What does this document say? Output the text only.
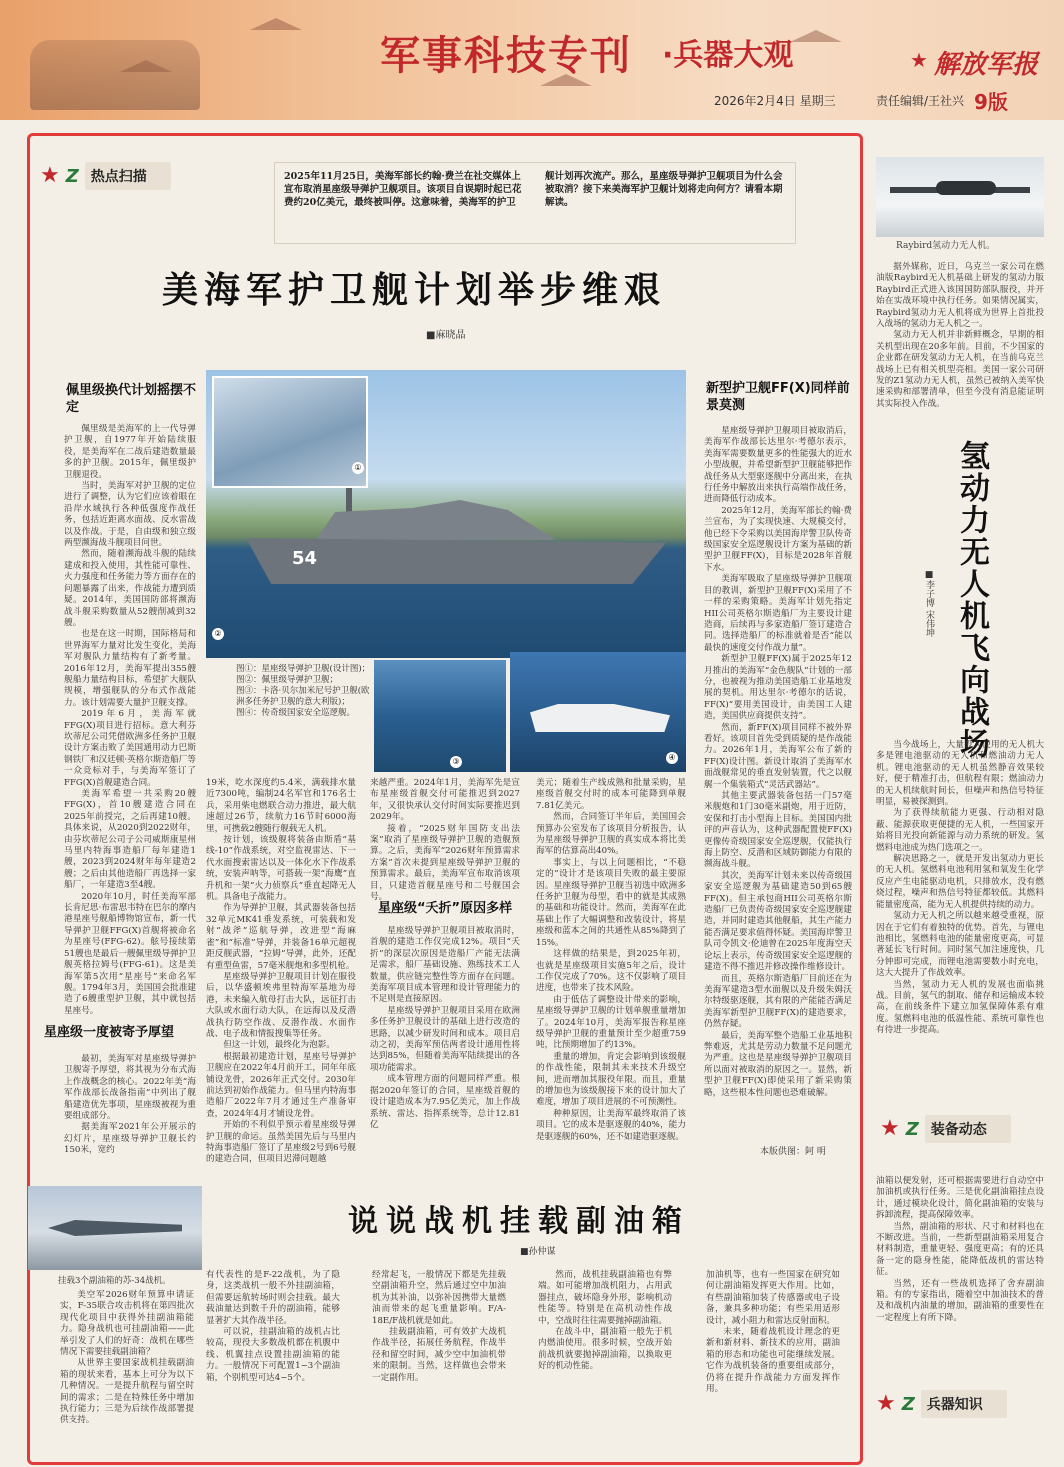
军事科技专刊 ·兵器大观	★ 解放军报
2026年2月4日 星期三	责任编辑/王社兴 9版
★ Z 热点扫描	2025年11月25日，美海军部长约翰·费兰在社交媒体上宣布取消星座级导弹护卫舰项目。该项目自误期时起已花费约20亿美元，最终被叫停。这意味着，美海军的护卫舰计划再次流产。那么，星座级导弹护卫舰项目为什么会被取消？接下来美海军护卫舰计划将走向何方？请看本期解读。
美海军护卫舰计划举步维艰
■麻晓晶
佩里级换代计划摇摆不定

佩里级是美海军的上一代导弹护卫舰，自1977年开始陆续服役，是美海军在二战后建造数量最多的护卫舰。2015年，佩里级护卫舰退役。

当时，美海军对护卫舰的定位进行了调整，认为它们应该着眼在沿岸水域执行各种低强度作战任务，包括近距离水面战、反水雷战以及作战。于是，自由级和独立级两型濒海战斗舰项目问世。

然而，随着濒海战斗舰的陆续建成和投入使用，其性能可靠性、火力强度和任务能力等方面存在的问题暴露了出来，作战能力遭到质疑。2014年，美国国防部将濒海战斗舰采购数量从52艘削减到32艘。

也是在这一时期，国际格局和世界海军力量对比发生变化，美海军对舰队力量结构有了新考量。2016年12月，美海军提出355艘舰船力量结构目标，希望扩大舰队规模，增强舰队的分布式作战能力。该计划需要大量护卫舰支撑。

2019年6月，美海军就FFG(X)项目进行招标。意大利芬坎蒂尼公司凭借欧洲多任务护卫舰设计方案击败了美国通用动力巴斯钢铁厂和汉廷顿·英格尔斯造船厂等一众竞标对手，与美海军签订了FFG(X)首舰建造合同。

美海军希望一共采购20艘FFG(X)，首10艘建造合同在2025年前授完，之后再建10艘。具体来说，从2020到2022财年，由芬坎蒂尼公司子公司威斯康星州马里内特海事造船厂每年建造1艘，2023到2024财年每年建造2艘；之后由其他造船厂再选择一家船厂，一年建造3至4艘。

2020年10月，时任美海军部长肯尼思·布雷思韦特在巴尔的摩内港星座号舰船博物馆宣布，新一代导弹护卫舰FFG(X)首舰将被命名为星座号(FFG-62)。舷号接续第51艘也是最后一艘佩里级导弹护卫舰英格拉姆号(FFG-61)。这是美海军第5次用“星座号”来命名军舰。1794年3月，美国国会批准建造了6艘重型护卫舰，其中就包括星座号。

星座级一度被寄予厚望

最初，美海军对星座级导弹护卫舰寄予厚望，将其视为分布式海上作战概念的核心。2022年美“海军作战部长战备指南”中列出了舰船建造优先事项，星座级被视为重要组成部分。

据美海军2021年公开展示的幻灯片，星座级导弹护卫舰长约150米，宽约

54
②
①
③	④
图①：星座级导弹护卫舰(设计图)；
图②：佩里级导弹护卫舰；
图③：卡洛·贝尔加米尼号护卫舰(欧洲多任务护卫舰的意大利版)；
图④：传奇级国家安全巡逻舰。

19米，吃水深度约5.4米，满载排水量近7300吨，编制24名军官和176名士兵，采用柴电燃联合动力推进，最大航速超过26节，续航力16节时6000海里，可携载2艘随行舰载无人机。

按计划，该级舰将装备由斯盾“基线-10”作战系统，对空监视雷达、下一代水面搜索雷达以及一体化水下作战系统，安装声呐等，可搭载一架“海鹰”直升机和一架“火力侦察兵”垂直起降无人机。具备电子战能力。

作为导弹护卫舰，其武器装备包括32单元MK41垂发系统，可装载和发射“战斧”巡航导弹，改进型“海麻雀”和“标准”导弹，并装备16单元超视距反舰武器，“拉姆”导弹，此外，还配有重型鱼雷，57毫米舰炮和多型机枪。

星座级导弹护卫舰项目计划在服役后，以华盛顿埃弗里特海军基地为母港，未来编入航母打击大队，远征打击大队或水面行动大队，在远海以及反潜战执行防空作战、反潜作战、水面作战、电子战和情报搜集等任务。

但这一计划，最终化为泡影。

根据最初建造计划，星座号导弹护卫舰应在2022年4月前开工，同年年底铺设龙骨，2026年正式交付。2030年前达到初始作战能力。但马里内特海事造船厂2022年7月才通过生产准备审查，2024年4月才铺设龙骨。

开始的不利似乎预示着星座级导弹护卫舰的命运。虽然美国先后与马里内特海事造船厂签订了星座级2号到6号舰的建造合同，但项目迟滞问题越

来越严重。2024年1月，美海军先是宣布星座级首舰交付可能推迟到2027年，又很快承认交付时间实际要推迟到2029年。

接着，“2025财年国防支出法案”取消了星座级导弹护卫舰的造舰预算。之后，美海军“2026财年预算需求方案”首次未提到星座级导弹护卫舰的预算需求。最后，美海军宣布取消该项目，只建造首舰星座号和二号舰国会号。

星座级“夭折”原因多样

星座级导弹护卫舰项目被取消时，首舰的建造工作仅完成12%。项目“夭折”的深层次原因是造船厂产能无法满足需求，船厂基础设施、熟练技术工人数量，供应链完整性等方面存在问题。美海军项目成本管理和设计管理能力的不足则是直接原因。

星座级导弹护卫舰项目采用在欧洲多任务护卫舰设计的基础上进行改造的思路，以减少研发时间和成本。项目启动之初，美海军预估两者设计通用性将达到85%，但随着美海军陆续提出的各项功能需求。

成本管理方面的问题同样严重。根据2020年签订的合同，星座级首舰的设计建造成本为7.95亿美元，加上作战系统、雷达、指挥系统等，总计12.81亿

美元；随着生产线成熟和批量采购，星座级首舰交付时的成本可能降到单舰7.81亿美元。

然而，合同签订半年后，美国国会预算办公室发布了该项目分析报告，认为星座级导弹护卫舰的真实成本将比美海军的估算高出40%。

事实上，与以上问题相比，“不稳定的”设计才是该项目失败的最主要原因。星座级导弹护卫舰当初选中欧洲多任务护卫舰为母型，看中的就是其成熟的基础和功能设计。然而，美海军在此基础上作了大幅调整和改装设计，将星座级和蓝本之间的共通性从85%降到了15%。

这样做的结果是，到2025年初，也就是星座级项目实施5年之后，设计工作仅完成了70%。这不仅影响了项目进度，也带来了技术风险。

由于低估了调整设计带来的影响，星座级导弹护卫舰的计划单舰重量增加了。2024年10月，美海军报告称星座级导弹护卫舰的重量预计至少超重759吨，比预期增加了约13%。

重量的增加，肯定会影响到该级舰的作战性能，限制其未来技术升级空间，进而增加其服役年限。而且，重量的增加也为该级舰接下来的设计加大了难度，增加了项目进展的不可预测性。

种种原因，让美海军最终取消了该项目。它的成本是驱逐舰的40%，能力是驱逐舰的60%，还不如建造驱逐舰。

新型护卫舰FF(X)同样前景莫测

星座级导弹护卫舰项目被取消后，美海军作战部长达里尔·考德尔表示，美海军需要数量更多的性能强大的近水小型战舰，并希望新型护卫舰能够把作战任务从大型驱逐舰中分离出来，在执行任务中解放出来执行高端作战任务，进而降低行动成本。

2025年12月，美海军部长约翰·费兰宣布，为了实现快速、大规模交付，他已经下令采购以美国海岸警卫队传奇级国家安全巡逻舰设计方案为基础的新型护卫舰FF(X)，目标是2028年首舰下水。

美海军吸取了星座级导弹护卫舰项目的教训，新型护卫舰FF(X)采用了不一样的采购策略。美海军计划先指定HII公司英格尔斯造船厂为主要设计建造商，后续再与多家造船厂签订建造合同。选择造船厂的标准就着是否“能以最快的速度交付作战力量”。

新型护卫舰FF(X)属于2025年12月推出的美海军“金色舰队”计划的一部分，也被视为推动美国造船工业基地发展的契机。用达里尔·考德尔的话说，FF(X)“要用美国设计，由美国工人建造，美国供应商提供支持”。

然而，新FF(X)项目同样不被外界看好。该项目首先受到质疑的是作战能力。2026年1月，美海军公布了新的FF(X)设计图。新设计取消了美海军水面战舰常见的垂直发射装置，代之以舰艉一个集装箱式“灵活武器站”。

其他主要武器装备包括一门57毫米舰炮和1门30毫米副炮，用于近防，安保和打击小型海上目标。美国国内批评的声音认为，这种武器配置使FF(X)更像传奇级国家安全巡逻舰，仅能执行海上防空、反潜和区域防御能力有限的濒海战斗舰。

其次，美海军计划未来以传奇级国家安全巡逻舰为基础建造50到65艘FF(X)。但主承包商HII公司英格尔斯造船厂已负责传奇级国家安全巡逻舰建造，并同时建造其他舰船，其生产能力能否满足要求值得怀疑。美国海岸警卫队司令凯文·伦迪曾在2025年度海空天论坛上表示，传奇级国家安全巡逻舰的建造不得不推迟并修改操作维修设计。

而且，英格尔斯造船厂目前还在为美海军建造3型水面舰以及升级朱姆沃尔特级驱逐舰，其有限的产能能否满足美海军新型护卫舰FF(X)的建造要求，仍然存疑。

最后，美海军整个造船工业基地积弊难返，尤其是劳动力数量不足问题尤为严重。这也是星座级导弹护卫舰项目所以面对被取消的原因之一。显然，新型护卫舰FF(X)即使采用了新采购策略，这些根本性问题也恐难破解。

本版供图：阿 明
Raybird氢动力无人机。

据外媒称，近日，乌克兰一家公司在燃油版Raybird无人机基础上研发的氢动力版Raybird正式进入该国国防部队服役，并开始在实战环境中执行任务。如果情况属实，Raybird氢动力无人机将成为世界上首批投入战场的氢动力无人机之一。

氢动力无人机并非新鲜概念，早期的相关机型出现在20多年前。目前，不少国家的企业都在研发氢动力无人机，在当前乌克兰战场上已有相关机型亮相。美国一家公司研发的Z1氢动力无人机，虽然已被纳入美军快速采购和部署清单，但至今没有消息能证明其实际投入作战。

氢动力无人机飞向战场
■李子博 宋伟坤

当今战场上，大量投入使用的无人机大多是锂电池驱动的无人机和燃油动力无人机。锂电池驱动的无人机虽然静音效果较好，便于精准打击，但航程有限；燃油动力的无人机续航时间长，但噪声和热信号特征明显，易被探测到。

为了获得续航能力更强、行动相对隐蔽、能源获取更便捷的无人机，一些国家开始将目光投向新能源与动力系统的研发。氢燃料电池成为热门选项之一。

解决思路之一，就是开发出氢动力更长的无人机。氢燃料电池利用氢和氧发生化学反应产生电能驱动电机，只排放水，没有燃烧过程，噪声和热信号特征都较低。其燃料能量密度高，能为无人机提供持续的动力。

氢动力无人机之所以越来越受重视，原因在于它们有着独特的优势。首先，与锂电池相比，氢燃料电池的能量密度更高，可显著延长飞行时间。同时氢气加注速度快，几分钟即可完成，而锂电池需要数小时充电，这大大提升了作战效率。

当然，氢动力无人机的发展也面临挑战。目前，氢气的制取、储存和运输成本较高，在前线条件下建立加氢保障体系有难度。氢燃料电池的低温性能、系统可靠性也有待进一步提高。

★ Z 装备动态
挂载3个副油箱的苏-34战机。
说说战机挂载副油箱
■孙仲谋

美空军2026财年预算申请证实，F-35联合攻击机将在第四批次现代化项目中获得外挂副油箱能力。隐身战机也可挂副油箱——此举引发了人们的好奇：战机在哪些情况下需要挂载副油箱？

从世界主要国家战机挂载副油箱的现状来看，基本上可分为以下几种情况。一是提升航程与留空时间的需求；二是在特殊任务中增加执行能力；三是为后续作战部署提供支持。

有代表性的是F-22战机，为了隐身，这类战机一般不外挂副油箱，但需要远航转场时则会挂载。最大载油量达到数千升的副油箱，能够显著扩大其作战半径。

可以说，挂副油箱的战机占比较高，现役大多数战机都在机腹中线、机翼挂点设置挂副油箱的能力。一般情况下可配置1~3个副油箱，个别机型可达4~5个。

经常起飞，一般情况下都是先挂载空副油箱升空，然后通过空中加油机为其补油，以弥补因携带大量燃油而带来的起飞重量影响。F/A-18E/F战机就是如此。

挂载副油箱，可有效扩大战机作战半径，拓展任务航程，作战半径和留空时间，减少空中加油机带来的限制。当然，这样做也会带来一定副作用。

然而，战机挂载副油箱也有弊端。如可能增加战机阻力，占用武器挂点，破坏隐身外形，影响机动性能等。特别是在高机动性作战中，空战时往往需要抛掉副油箱。

在战斗中，副油箱一般先于机内燃油使用。很多时候，空战开始前战机就要抛掉副油箱，以换取更好的机动性能。

加油机等，也有一些国家在研究如何让副油箱发挥更大作用。比如，有些副油箱加装了传感器或电子设备，兼具多种功能；有些采用适形设计，减小阻力和雷达反射面积。

未来，随着战机设计理念的更新和新材料、新技术的应用，副油箱的形态和功能也可能继续发展。它作为战机装备的重要组成部分，仍将在提升作战能力方面发挥作用。

油箱以便发射，还可根据需要进行自动空中加油机或执行任务。三是优化副油箱挂点设计，通过模块化设计，简化副油箱的安装与拆卸流程，提高保障效率。

当然，副油箱的形状、尺寸和材料也在不断改进。当前，一些新型副油箱采用复合材料制造，重量更轻、强度更高；有的还具备一定的隐身性能，能降低战机的雷达特征。

当然，还有一些战机选择了舍弃副油箱。有的专家指出，随着空中加油技术的普及和战机内油量的增加，副油箱的重要性在一定程度上有所下降。

★ Z 兵器知识
